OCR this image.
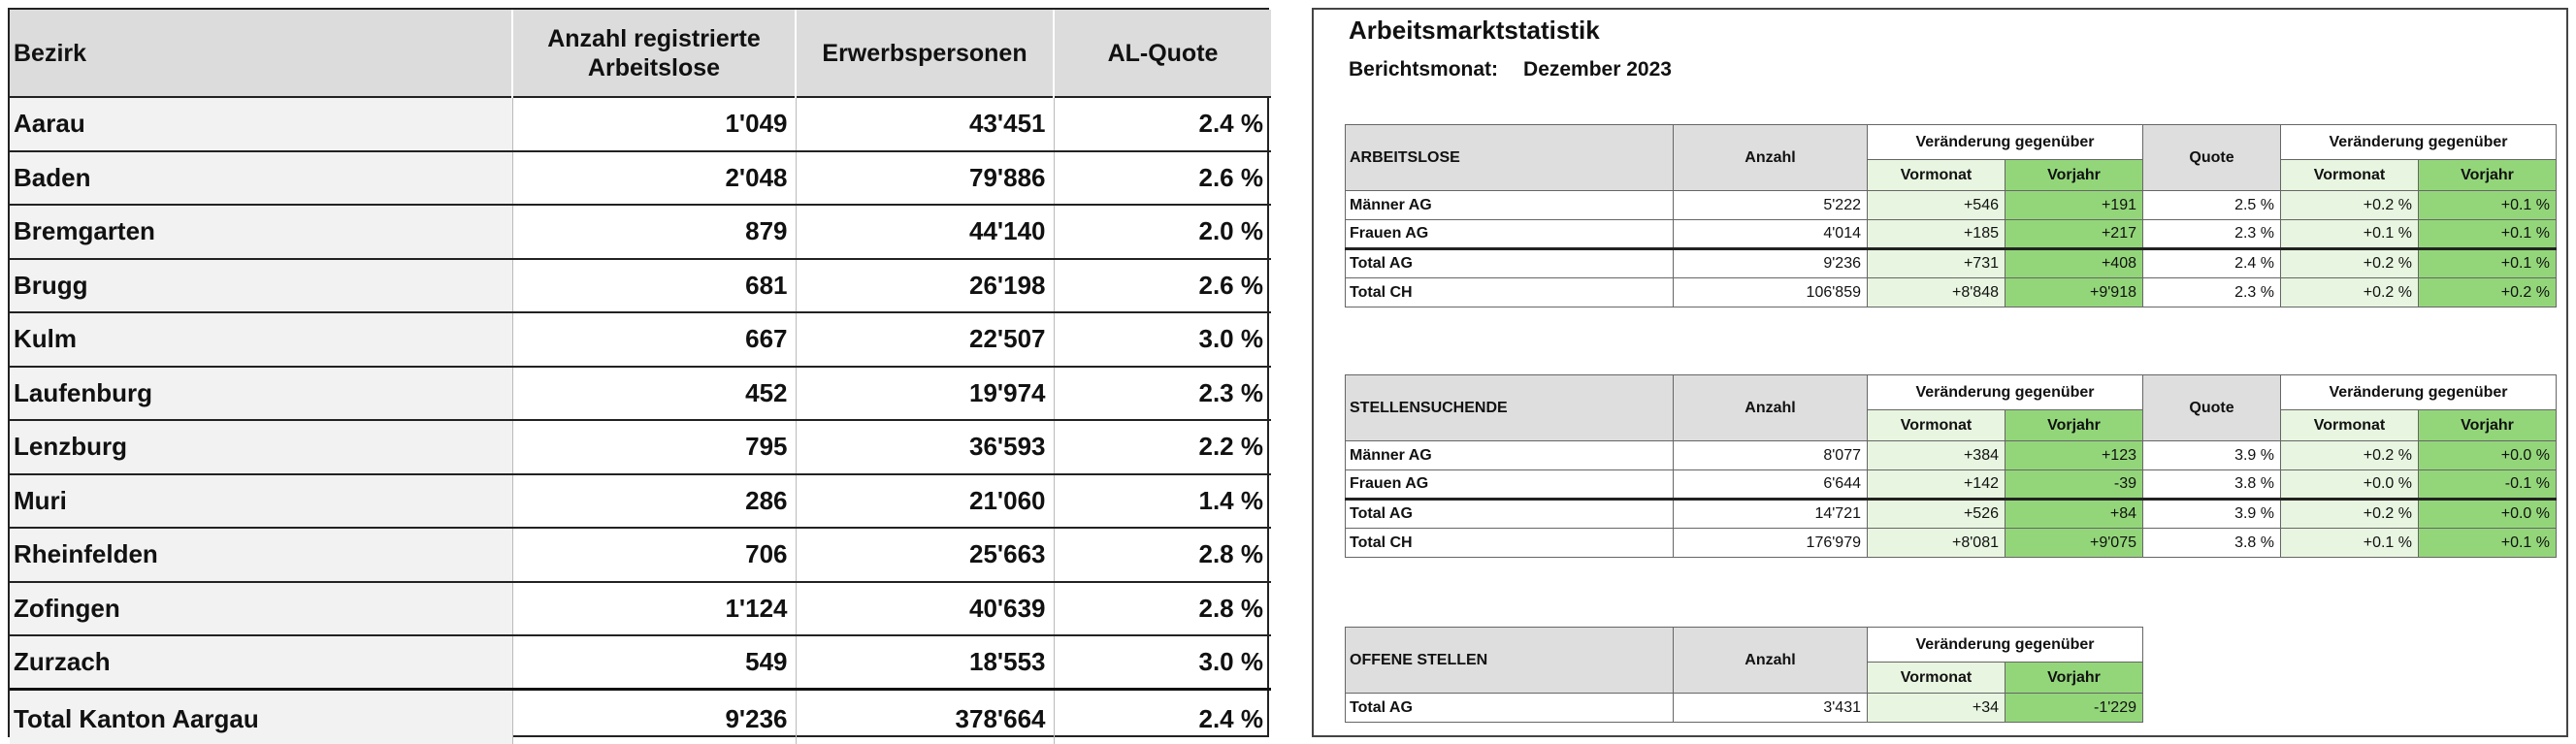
Bezirk	Anzahl registrierte Arbeitslose	Erwerbspersonen	AL-Quote
Aarau	1'049	43'451	2.4 %
Baden	2'048	79'886	2.6 %
Bremgarten	879	44'140	2.0 %
Brugg	681	26'198	2.6 %
Kulm	667	22'507	3.0 %
Laufenburg	452	19'974	2.3 %
Lenzburg	795	36'593	2.2 %
Muri	286	21'060	1.4 %
Rheinfelden	706	25'663	2.8 %
Zofingen	1'124	40'639	2.8 %
Zurzach	549	18'553	3.0 %
Total Kanton Aargau	9'236	378'664	2.4 %
Arbeitsmarktstatistik
Berichtsmonat: Dezember 2023
ARBEITSLOSE	Anzahl	Veränderung gegenüber		Quote	Veränderung gegenüber	
		Vormonat	Vorjahr		Vormonat	Vorjahr
Männer AG	5'222	+546	+191	2.5 %	+0.2 %	+0.1 %
Frauen AG	4'014	+185	+217	2.3 %	+0.1 %	+0.1 %
Total AG	9'236	+731	+408	2.4 %	+0.2 %	+0.1 %
Total CH	106'859	+8'848	+9'918	2.3 %	+0.2 %	+0.2 %
STELLENSUCHENDE	Anzahl	Veränderung gegenüber		Quote	Veränderung gegenüber	
		Vormonat	Vorjahr		Vormonat	Vorjahr
Männer AG	8'077	+384	+123	3.9 %	+0.2 %	+0.0 %
Frauen AG	6'644	+142	-39	3.8 %	+0.0 %	-0.1 %
Total AG	14'721	+526	+84	3.9 %	+0.2 %	+0.0 %
Total CH	176'979	+8'081	+9'075	3.8 %	+0.1 %	+0.1 %
OFFENE STELLEN	Anzahl	Veränderung gegenüber	
		Vormonat	Vorjahr
Total AG	3'431	+34	-1'229
